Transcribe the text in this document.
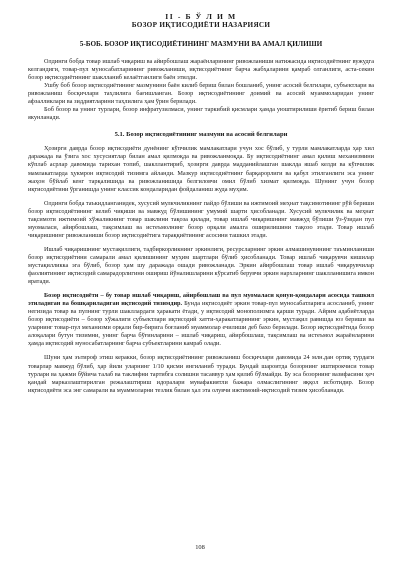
II - Б Ў Л И М

БОЗОР ИҚТИСОДИЁТИ НАЗАРИЯСИ

5-БОБ. БОЗОР ИҚТИСОДИЁТИНИНГ МАЗМУНИ ВА АМАЛ ҚИЛИШИ

Олдинги бобда товар ишлаб чиқариш ва айирбошлаш жараёнларининг ривожланиши натижасида иқтисодиётнинг вужудга келгандиги, товар-пул муносабатларининг ривожланиши, иқтисодиётнинг барча жабҳаларини қамраб олганлиги, аста-секин бозор иқтисодиётининг шаклланиб келаётганлиги баён этилди.

Ушбу боб бозор иқтисодиётининг мазмунини баён килиб бериш билан бошланиб, унинг асосий белгилари, субъектлари ва ривожланиш босқичлари таҳлилига бағишланган. Бозор иқтисодиётининг доимий ва асосий муаммоларидан унинг афзалликлари ва зиддиятларини таҳлилига ҳам ўрин берилади.

Боб бозор ва унинг турлари, бозор инфратузилмаси, унинг таркибий қисмлари ҳамда уюштирилиши ёритиб бериш билан якунланади.

5.1. Бозор иқтисодиётининг мазмуни ва асосий белгилари

Ҳозирги даврда бозор иқтисодиёти дунёнинг кўпчилик мамлакатлари учун хос бўлиб, у турли мамлакатларда ҳар хил даражада ва ўзига хос хусусиятлар билан амал қилмоқда ва ривожланмоқда. Бу иқтисодиётнинг амал қилиш механизмини кўплаб асрлар давомида тарихан топиб, шакллантириб, ҳозирги даврда мадданийлашган шаклда яшаб келди ва кўпчилик мамлакатларда ҳукмрон иқтисодий тизимга айланди. Мазкур иқтисодиётнинг барқарорлиги ва қабул этилганлиги эса унинг жаҳон бўйлаб кенг тарқалишида ва ривожланишида белгиловчи омил бўлиб хизмат қилмоқда. Шунинг учун бозор иқтисодиётини ўрганишда унинг классик кондаларидан фойдаланиш жуда муҳим.

Олдинги бобда таъкидланганидек, хусусий мулкчиликнинг пайдо бўлиши ва ижтимоий меҳнат тақсимотининг рўй бериши бозор иқтисодиётининг келиб чиқиши ва мавжуд бўлишининг умумий шарти ҳисобланади. Хусусий мулкчилик ва меҳнат тақсимоти ижтимоий хўжаликнинг товар шаклини тақоза қилади, товар ишлаб чиқаришнинг мавжуд бўлиши ўз-ўзидан пул муомаласи, айирбошлаш, тақсимлаш ва истеъмолнинг бозор орқали амалга оширилишини тақозо этади. Товар ишлаб чиқаришнинг ривожланиши бозор иқтисодиётига тараққиётининг асосини ташкил этади.

Ишлаб чиқаришнинг мустақиллиги, тадбиркорликнинг эркинлиги, ресурсларнинг эркин алмашинувининг таъминланиши бозор иқтисодиётини самарали амал қилишининг муҳим шартлари бўлиб ҳисобланади. Товар ишлаб чиқарувчи кишилар мустақилликка эга бўлиб, бозор ҳам шу даражада ошади ривожланади. Эркин айирбошлаш товар ишлаб чиқарувчилар фаолиятининг иқтисодий самарадорлигини ошириш йўналишларини кўрсатиб берувчи эркин нархларнинг шаклланишига имкон яратади.

Бозор иқтисодиёти – бу товар ишлаб чиқариш, айирбошлаш ва пул муомаласи қонун-қоидалари асосида ташкил этиладиган ва бошқариладиган иқтисодий тизимдир. Бунда иқтисодиёт эркин товар-пул муносабатларига асосланиб, унинг негизида товар ва пулнинг турли шакллардаги ҳаракати ётади, у иқтисодий монополизмга қарши туради. Айрим адабиётларда бозор иқтисодиёти – бозор хўжалиги субъектлари иқтисодий хатти-ҳаракатларининг эркин, мустақил равишда юз бериши ва уларнинг товар-пул механизми орқали бир-бирига боғланиб муаммолар ечилиши деб бахо берилади. Бозор иқтисодиётида бозор алоқалари бутун тизимни, унинг барча бўғинларини – ишлаб чиқариш, айирбошлаш, тақсимлаш ва истеъмол жараёнларини ҳамда иқтисодий муносабатларнинг барча субъектларини камраб олади.

Шуни ҳам эътироф этиш керакки, бозор иқтисодиётининг ривожланиш босқичлари давомида 24 млн.дан ортиқ турдаги товарлар мавжуд бўлиб, ҳар йили уларнинг 1/10 қисми янгиланиб туради. Бундай шароитда бозорнинг иштирокчиси товар турлари ва ҳажми бўйича талаб ва таклифни тартибга солишни тасаввур ҳам қилиб бўлмайди. Бу эса бозорнинг вазифасини ҳеч қандай марказлаштирилган режалаштириш идоралари мувафакиятли бажара олмаслигининг яққол исботидир. Бозор иқтисодиёти эса энг самарали ва муаммоларни тезлик билан ҳал эта олувчи ижтимоий-иқтисодий тизим ҳисобланади.

108
